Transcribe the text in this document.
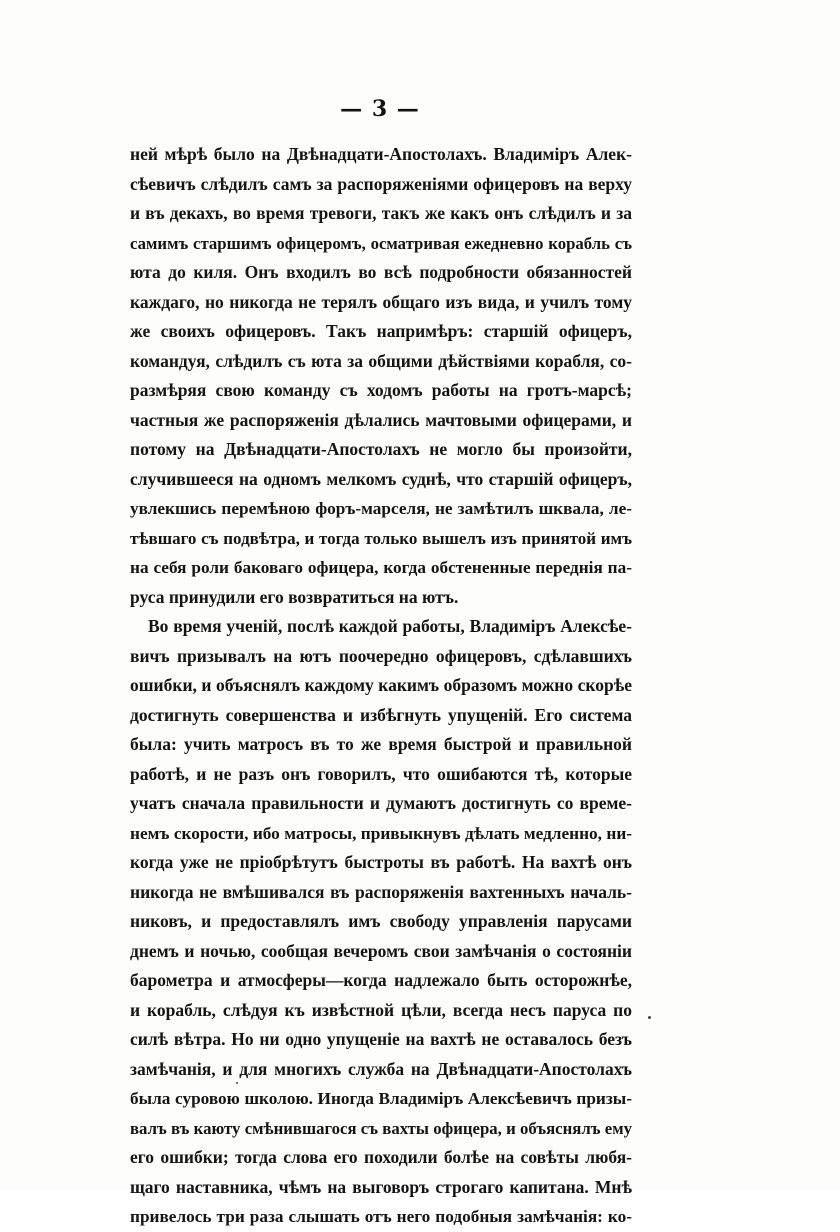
— 3 —
ней мѣрѣ было на Двѣнадцати-Апостолахъ. Владиміръ Алек-
сѣевичъ слѣдилъ самъ за распоряженіями офицеровъ на верху
и въ декахъ, во время тревоги, такъ же какъ онъ слѣдилъ и за
самимъ старшимъ офицеромъ, осматривая ежедневно корабль съ
юта до киля. Онъ входилъ во всѣ подробности обязанностей
каждаго, но никогда не терялъ общаго изъ вида, и училъ тому
же своихъ офицеровъ. Такъ напримѣръ: старшій офицеръ,
командуя, слѣдилъ съ юта за общими дѣйствіями корабля, со-
размѣряя свою команду съ ходомъ работы на гротъ-марсѣ;
частныя же распоряженія дѣлались мачтовыми офицерами, и
потому на Двѣнадцати-Апостолахъ не могло бы произойти,
случившееся на одномъ мелкомъ суднѣ, что старшій офицеръ,
увлекшись перемѣною форъ-марселя, не замѣтилъ шквала, ле-
тѣвшаго съ подвѣтра, и тогда только вышелъ изъ принятой имъ
на себя роли баковаго офицера, когда обстененные переднія па-
руса принудили его возвратиться на ютъ.
Во время ученій, послѣ каждой работы, Владиміръ Алексѣе-
вичъ призывалъ на ютъ поочередно офицеровъ, сдѣлавшихъ
ошибки, и объяснялъ каждому какимъ образомъ можно скорѣе
достигнуть совершенства и избѣгнуть упущеній. Его система
была: учить матросъ въ то же время быстрой и правильной
работѣ, и не разъ онъ говорилъ, что ошибаются тѣ, которые
учатъ сначала правильности и думаютъ достигнуть со време-
немъ скорости, ибо матросы, привыкнувъ дѣлать медленно, ни-
когда уже не пріобрѣтутъ быстроты въ работѣ. На вахтѣ онъ
никогда не вмѣшивался въ распоряженія вахтенныхъ началь-
никовъ, и предоставлялъ имъ свободу управленія парусами
днемъ и ночью, сообщая вечеромъ свои замѣчанія о состояніи
барометра и атмосферы—когда надлежало быть осторожнѣе,
и корабль, слѣдуя къ извѣстной цѣли, всегда несъ паруса по
силѣ вѣтра. Но ни одно упущеніе на вахтѣ не оставалось безъ
замѣчанія, и для многихъ служба на Двѣнадцати-Апостолахъ
была суровою школою. Иногда Владиміръ Алексѣевичъ призы-
валъ въ каюту смѣнившагося съ вахты офицера, и объяснялъ ему
его ошибки; тогда слова его походили болѣе на совѣты любя-
щаго наставника, чѣмъ на выговоръ строгаго капитана. Мнѣ
привелось три раза слышать отъ него подобныя замѣчанія: ко-
